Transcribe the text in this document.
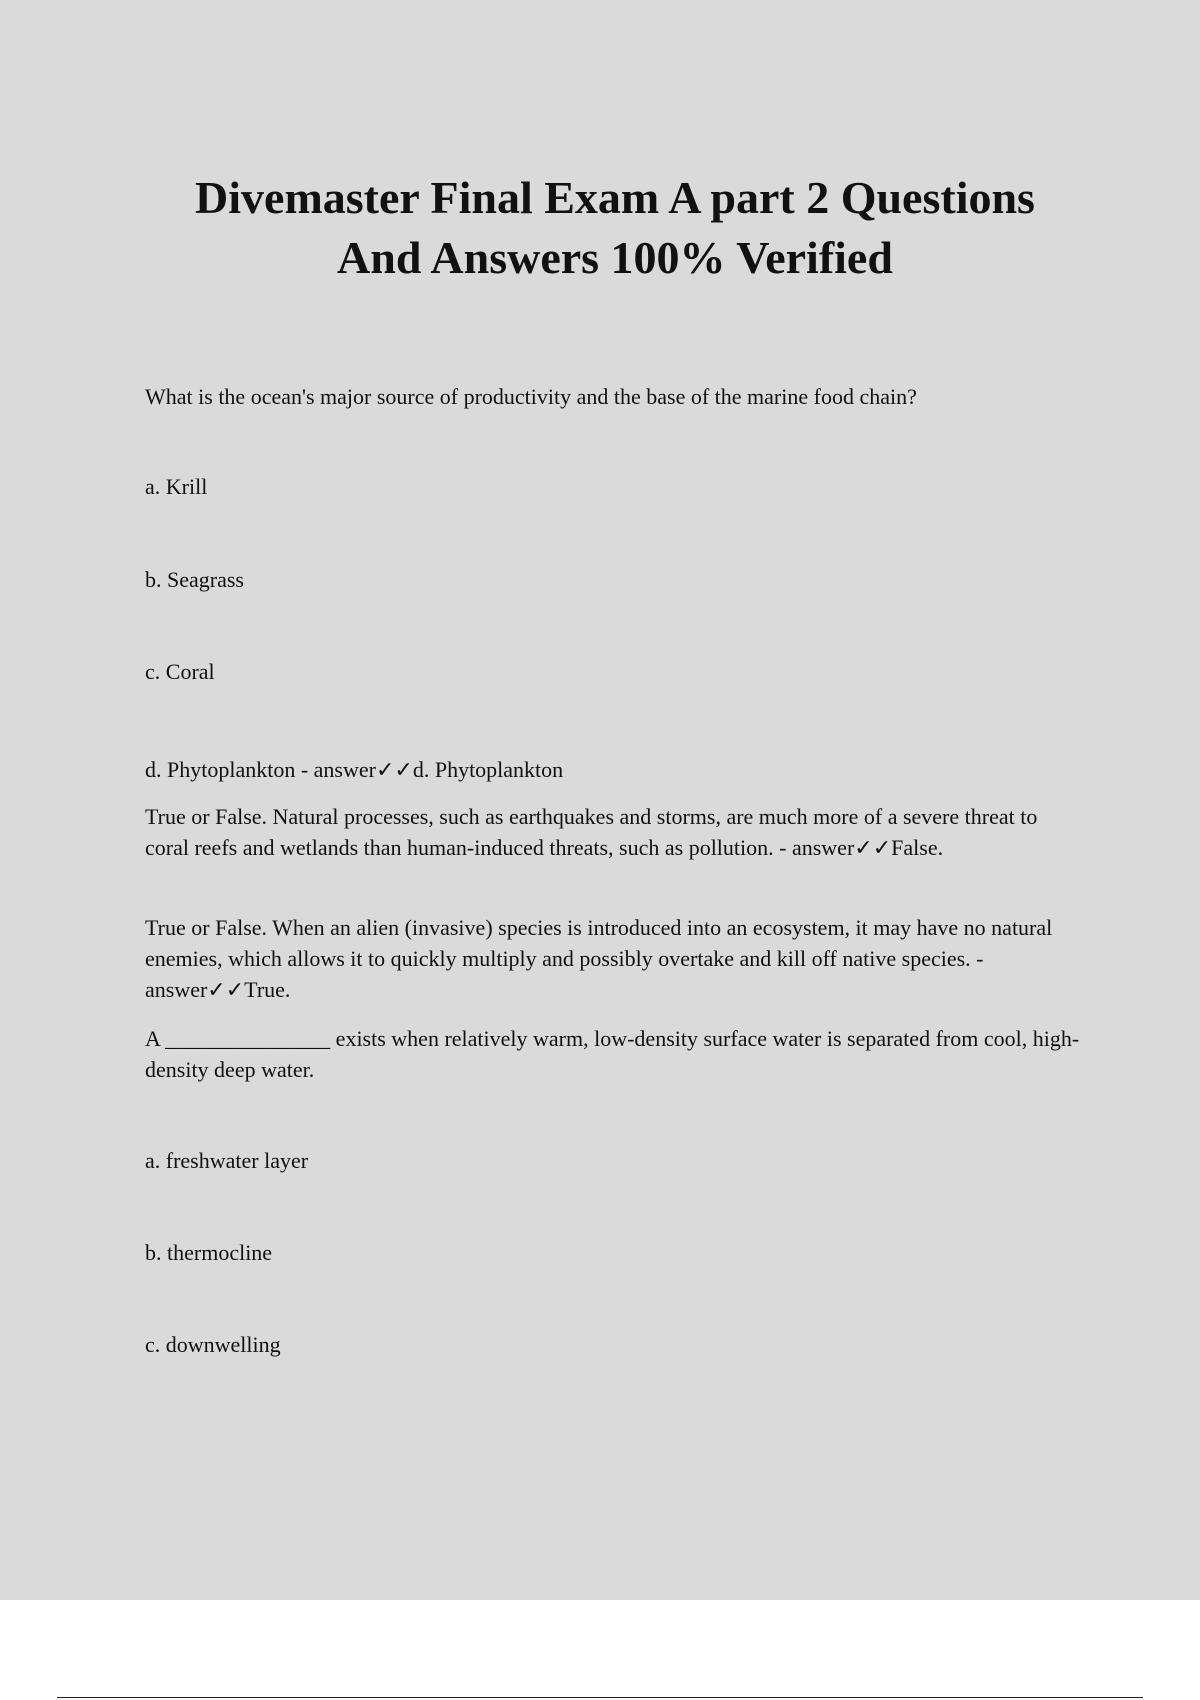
Divemaster Final Exam A part 2 Questions
And Answers 100% Verified

What is the ocean's major source of productivity and the base of the marine food chain?

a. Krill

b. Seagrass

c. Coral

d. Phytoplankton - answer✓✓d. Phytoplankton

True or False. Natural processes, such as earthquakes and storms, are much more of a severe threat to coral reefs and wetlands than human-induced threats, such as pollution. - answer✓✓False.

True or False. When an alien (invasive) species is introduced into an ecosystem, it may have no natural enemies, which allows it to quickly multiply and possibly overtake and kill off native species. - answer✓✓True.

A _______________ exists when relatively warm, low-density surface water is separated from cool, high-density deep water.

a. freshwater layer

b. thermocline

c. downwelling
